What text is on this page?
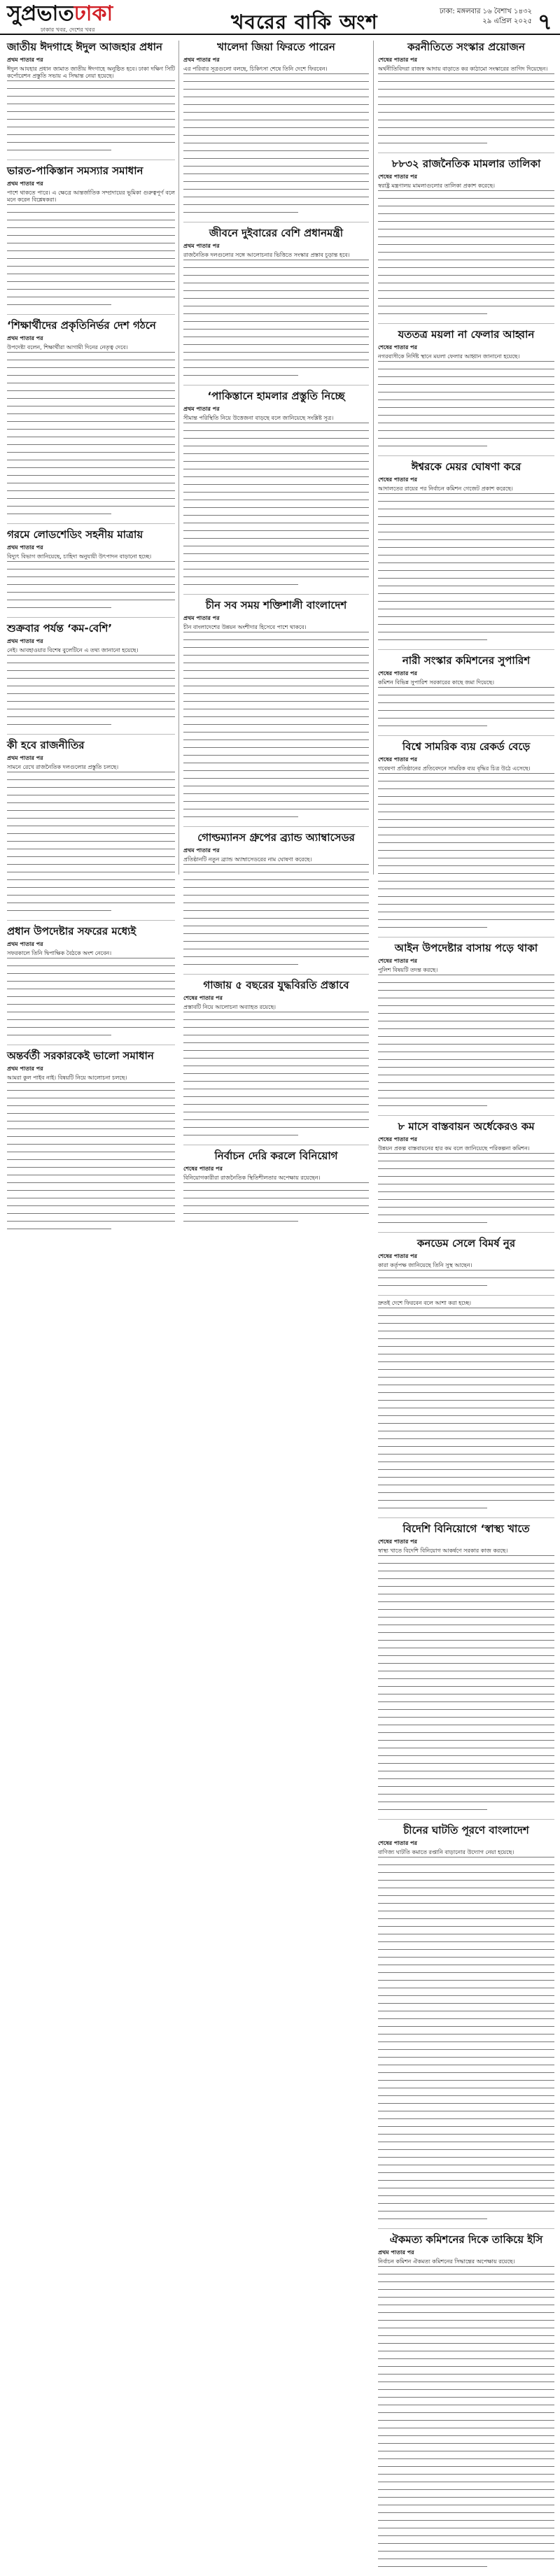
সুপ্রভাতঢাকা
ঢাকার খবর, দেশের খবর	খবরের বাকি অংশ	ঢাকা: মঙ্গলবার ১৬ বৈশাখ ১৪৩২
২৯ এপ্রিল ২০২৫ ৭
জাতীয় ঈদগাহে ঈদুল আজহার প্রধান
প্রথম পাতার পর
ঈদুল আযহার প্রধান জামাত জাতীয় ঈদগাহে অনুষ্ঠিত হবে। ঢাকা দক্ষিণ সিটি কর্পোরেশন প্রস্তুতি সভায় এ সিদ্ধান্ত নেয়া হয়েছে।
ভারত-পাকিস্তান সমস্যার সমাধান
প্রথম পাতার পর
পাশে থাকতে পারে। এ ক্ষেত্রে আন্তর্জাতিক সম্প্রদায়ের ভূমিকা গুরুত্বপূর্ণ বলে মনে করেন বিশ্লেষকরা।
‘শিক্ষার্থীদের প্রকৃতিনির্ভর দেশ গঠনে
প্রথম পাতার পর
উপদেষ্টা বলেন, শিক্ষার্থীরা আগামী দিনের নেতৃত্ব দেবে।
গরমে লোডশেডিং সহনীয় মাত্রায়
প্রথম পাতার পর
বিদ্যুৎ বিভাগ জানিয়েছে, চাহিদা অনুযায়ী উৎপাদন বাড়ানো হচ্ছে।
শুক্রবার পর্যন্ত ‘কম-বেশি’
প্রথম পাতার পর
নেই। আবহাওয়ার বিশেষ বুলেটিনে এ তথ্য জানানো হয়েছে।
কী হবে রাজনীতির
প্রথম পাতার পর
সামনে রেখে রাজনৈতিক দলগুলোর প্রস্তুতি চলছে।
প্রধান উপদেষ্টার সফরের মধ্যেই
প্রথম পাতার পর
সফরকালে তিনি দ্বিপাক্ষিক বৈঠকে অংশ নেবেন।
অন্তর্বর্তী সরকারকেই ভালো সমাধান
প্রথম পাতার পর
আমরা কুল পাইব নাই। বিষয়টি নিয়ে আলোচনা চলছে।
খালেদা জিয়া ফিরতে পারেন
প্রথম পাতার পর
এর পরিবার সূত্রগুলো বলছে, চিকিৎসা শেষে তিনি দেশে ফিরবেন।
জীবনে দুইবারের বেশি প্রধানমন্ত্রী
প্রথম পাতার পর
রাজনৈতিক দলগুলোর সঙ্গে আলোচনার ভিত্তিতে সংস্কার প্রস্তাব চূড়ান্ত হবে।
‘পাকিস্তানে হামলার প্রস্তুতি নিচ্ছে
প্রথম পাতার পর
সীমান্ত পরিস্থিতি নিয়ে উত্তেজনা বাড়ছে বলে জানিয়েছে সংশ্লিষ্ট সূত্র।
চীন সব সময় শক্তিশালী বাংলাদেশ
প্রথম পাতার পর
চীন বাংলাদেশের উন্নয়ন অংশীদার হিসেবে পাশে থাকবে।
গোল্ডম্যানস গ্রুপের ব্র্যান্ড অ্যাম্বাসেডর
প্রথম পাতার পর
প্রতিষ্ঠানটি নতুন ব্র্যান্ড অ্যাম্বাসেডরের নাম ঘোষণা করেছে।
গাজায় ৫ বছরের যুদ্ধবিরতি প্রস্তাবে
শেষের পাতার পর
প্রস্তাবটি নিয়ে আলোচনা অব্যাহত রয়েছে।
নির্বাচন দেরি করলে বিনিয়োগ
শেষের পাতার পর
বিনিয়োগকারীরা রাজনৈতিক স্থিতিশীলতার অপেক্ষায় রয়েছেন।
করনীতিতে সংস্কার প্রয়োজন
শেষের পাতার পর
অর্থনীতিবিদরা রাজস্ব আদায় বাড়াতে কর কাঠামো সংস্কারের তাগিদ দিয়েছেন।
৮৮৩২ রাজনৈতিক মামলার তালিকা
শেষের পাতার পর
স্বরাষ্ট্র মন্ত্রণালয় মামলাগুলোর তালিকা প্রকাশ করেছে।
যততত্র ময়লা না ফেলার আহ্বান
শেষের পাতার পর
নগরবাসীকে নির্দিষ্ট স্থানে ময়লা ফেলার আহ্বান জানানো হয়েছে।
ঈশ্বরকে মেয়র ঘোষণা করে
শেষের পাতার পর
আদালতের রায়ের পর নির্বাচন কমিশন গেজেট প্রকাশ করেছে।
নারী সংস্কার কমিশনের সুপারিশ
শেষের পাতার পর
কমিশন বিভিন্ন সুপারিশ সরকারের কাছে জমা দিয়েছে।
বিশ্বে সামরিক ব্যয় রেকর্ড বেড়ে
শেষের পাতার পর
গবেষণা প্রতিষ্ঠানের প্রতিবেদনে সামরিক ব্যয় বৃদ্ধির চিত্র উঠে এসেছে।
আইন উপদেষ্টার বাসায় পড়ে থাকা
শেষের পাতার পর
পুলিশ বিষয়টি তদন্ত করছে।
৮ মাসে বাস্তবায়ন অর্ধেকেরও কম
শেষের পাতার পর
উন্নয়ন প্রকল্প বাস্তবায়নের হার কম বলে জানিয়েছে পরিকল্পনা কমিশন।
কনডেম সেলে বিমর্ষ নুর
শেষের পাতার পর
কারা কর্তৃপক্ষ জানিয়েছে তিনি সুস্থ আছেন।
দ্রুতই দেশে ফিরবেন বলে আশা করা হচ্ছে।
বিদেশি বিনিয়োগে ‘স্বাস্থ্য খাতে
শেষের পাতার পর
স্বাস্থ্য খাতে বিদেশি বিনিয়োগ আকর্ষণে সরকার কাজ করছে।
চীনের ঘাটতি পূরণে বাংলাদেশ
শেষের পাতার পর
বাণিজ্য ঘাটতি কমাতে রপ্তানি বাড়ানোর উদ্যোগ নেয়া হয়েছে।
ঐকমত্য কমিশনের দিকে তাকিয়ে ইসি
প্রথম পাতার পর
নির্বাচন কমিশন ঐকমত্য কমিশনের সিদ্ধান্তের অপেক্ষায় রয়েছে।
